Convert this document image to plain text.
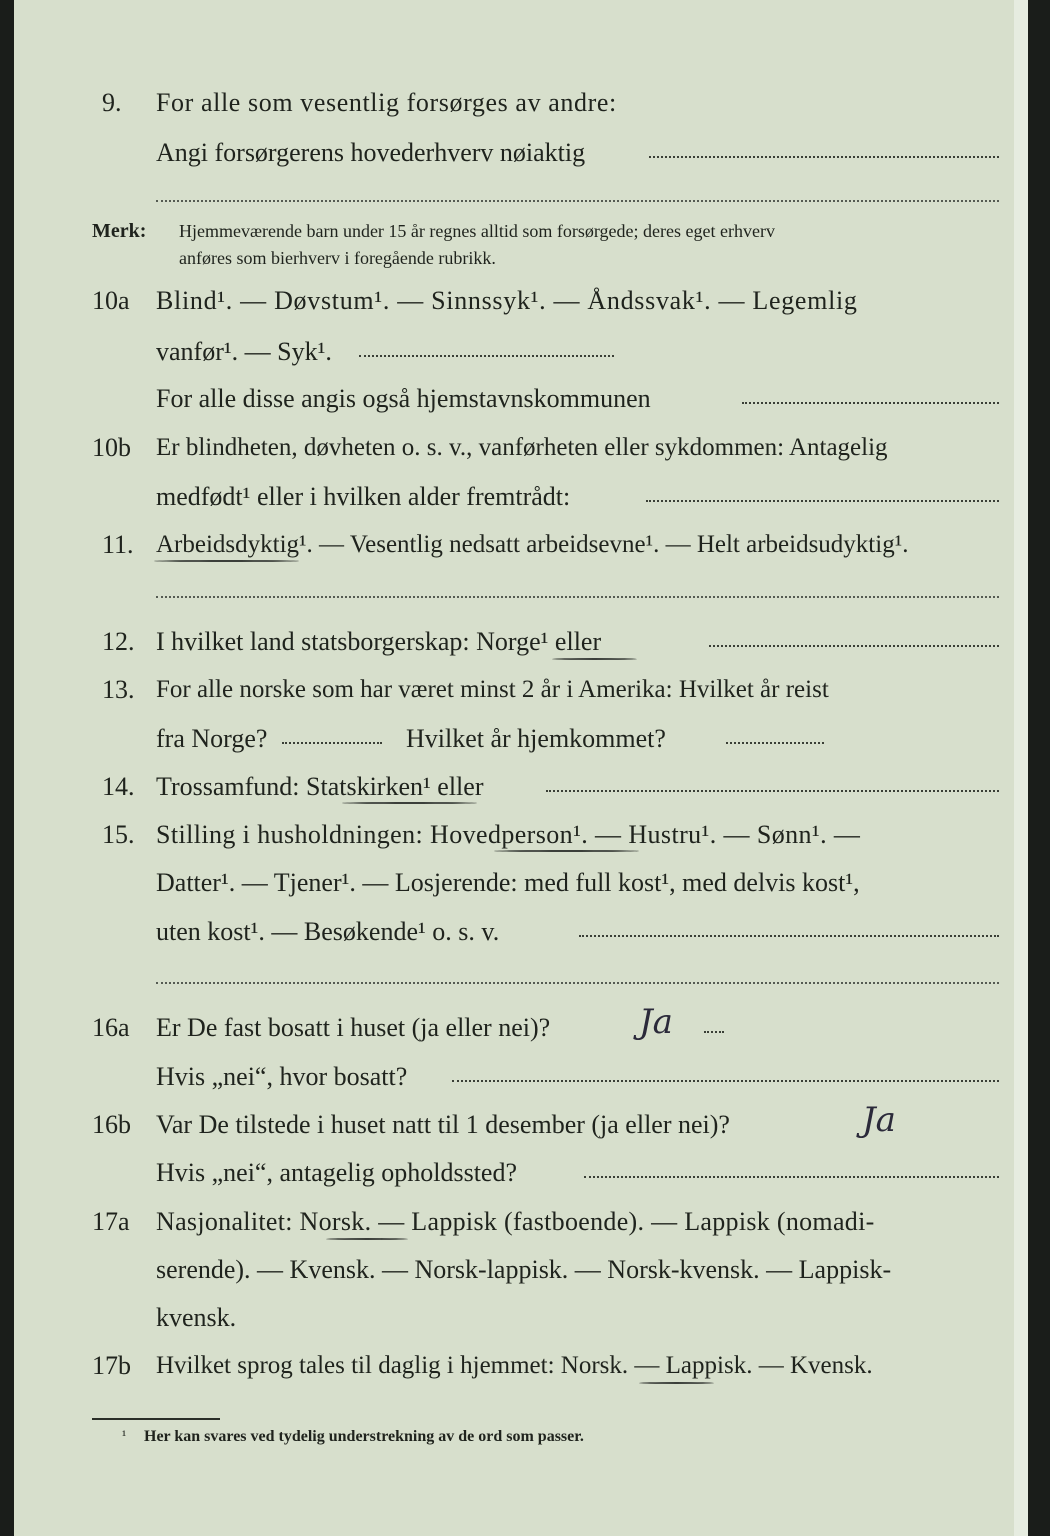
9. For alle som vesentlig forsørges av andre:
Angi forsørgerens hovederhverv nøiaktig
Merk: Hjemmeværende barn under 15 år regnes alltid som forsørgede; deres eget erhverv
anføres som bierhverv i foregående rubrikk.
10a Blind¹. — Døvstum¹. — Sinnssyk¹. — Åndssvak¹. — Legemlig
vanfør¹. — Syk¹.
For alle disse angis også hjemstavnskommunen
10b Er blindheten, døvheten o. s. v., vanførheten eller sykdommen: Antagelig
medfødt¹ eller i hvilken alder fremtrådt:
11. Arbeidsdyktig¹. — Vesentlig nedsatt arbeidsevne¹. — Helt arbeidsudyktig¹.
12. I hvilket land statsborgerskap: Norge¹ eller
13. For alle norske som har været minst 2 år i Amerika: Hvilket år reist
fra Norge?	Hvilket år hjemkommet?
14. Trossamfund: Statskirken¹ eller
15. Stilling i husholdningen: Hovedperson¹. — Hustru¹. — Sønn¹. —
Datter¹. — Tjener¹. — Losjerende: med full kost¹, med delvis kost¹,
uten kost¹. — Besøkende¹ o. s. v.
16a Er De fast bosatt i huset (ja eller nei)?	Ja
Hvis „nei“, hvor bosatt?
16b Var De tilstede i huset natt til 1 desember (ja eller nei)?	Ja
Hvis „nei“, antagelig opholdssted?
17a Nasjonalitet: Norsk. — Lappisk (fastboende). — Lappisk (nomadi-
serende). — Kvensk. — Norsk-lappisk. — Norsk-kvensk. — Lappisk-
kvensk.
17b Hvilket sprog tales til daglig i hjemmet: Norsk. — Lappisk. — Kvensk.
¹ Her kan svares ved tydelig understrekning av de ord som passer.
